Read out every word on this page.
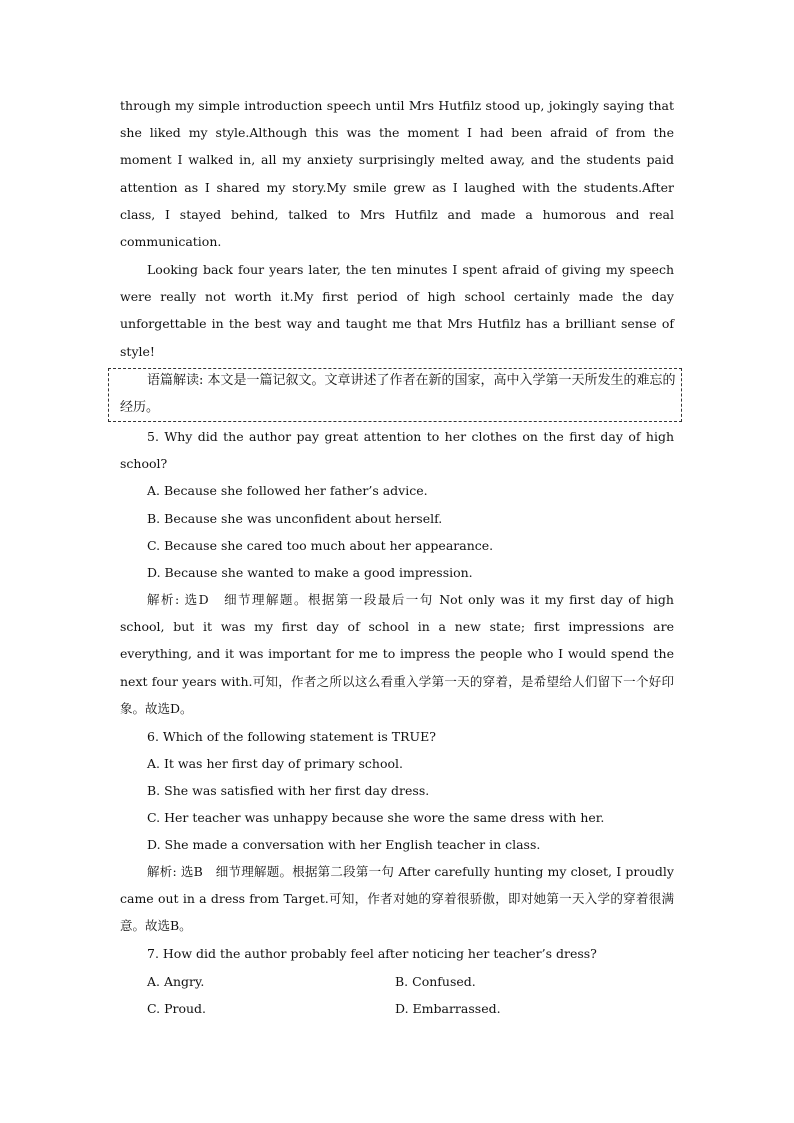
through my simple introduction speech until Mrs Hutfilz stood up, jokingly saying that she liked my style.Although this was the moment I had been afraid of from the moment I walked in, all my anxiety surprisingly melted away, and the students paid attention as I shared my story.My smile grew as I laughed with the students.After class, I stayed behind, talked to Mrs Hutfilz and made a humorous and real communication.

Looking back four years later, the ten minutes I spent afraid of giving my speech were really not worth it.My first period of high school certainly made the day unforgettable in the best way and taught me that Mrs Hutfilz has a brilliant sense of style!

语篇解读: 本文是一篇记叙文。文章讲述了作者在新的国家，高中入学第一天所发生的难忘的经历。

5. Why did the author pay great attention to her clothes on the first day of high school?

A. Because she followed her father’s advice.
B. Because she was unconfident about herself.
C. Because she cared too much about her appearance.
D. Because she wanted to make a good impression.

解析: 选D　细节理解题。根据第一段最后一句 Not only was it my first day of high school, but it was my first day of school in a new state; first impressions are everything, and it was important for me to impress the people who I would spend the next four years with.可知，作者之所以这么看重入学第一天的穿着，是希望给人们留下一个好印象。故选D。

6. Which of the following statement is TRUE?
A. It was her first day of primary school.
B. She was satisfied with her first day dress.
C. Her teacher was unhappy because she wore the same dress with her.
D. She made a conversation with her English teacher in class.

解析: 选B　细节理解题。根据第二段第一句 After carefully hunting my closet, I proudly came out in a dress from Target.可知，作者对她的穿着很骄傲，即对她第一天入学的穿着很满意。故选B。

7. How did the author probably feel after noticing her teacher’s dress?
A. Angry.	B. Confused.
C. Proud.	D. Embarrassed.
